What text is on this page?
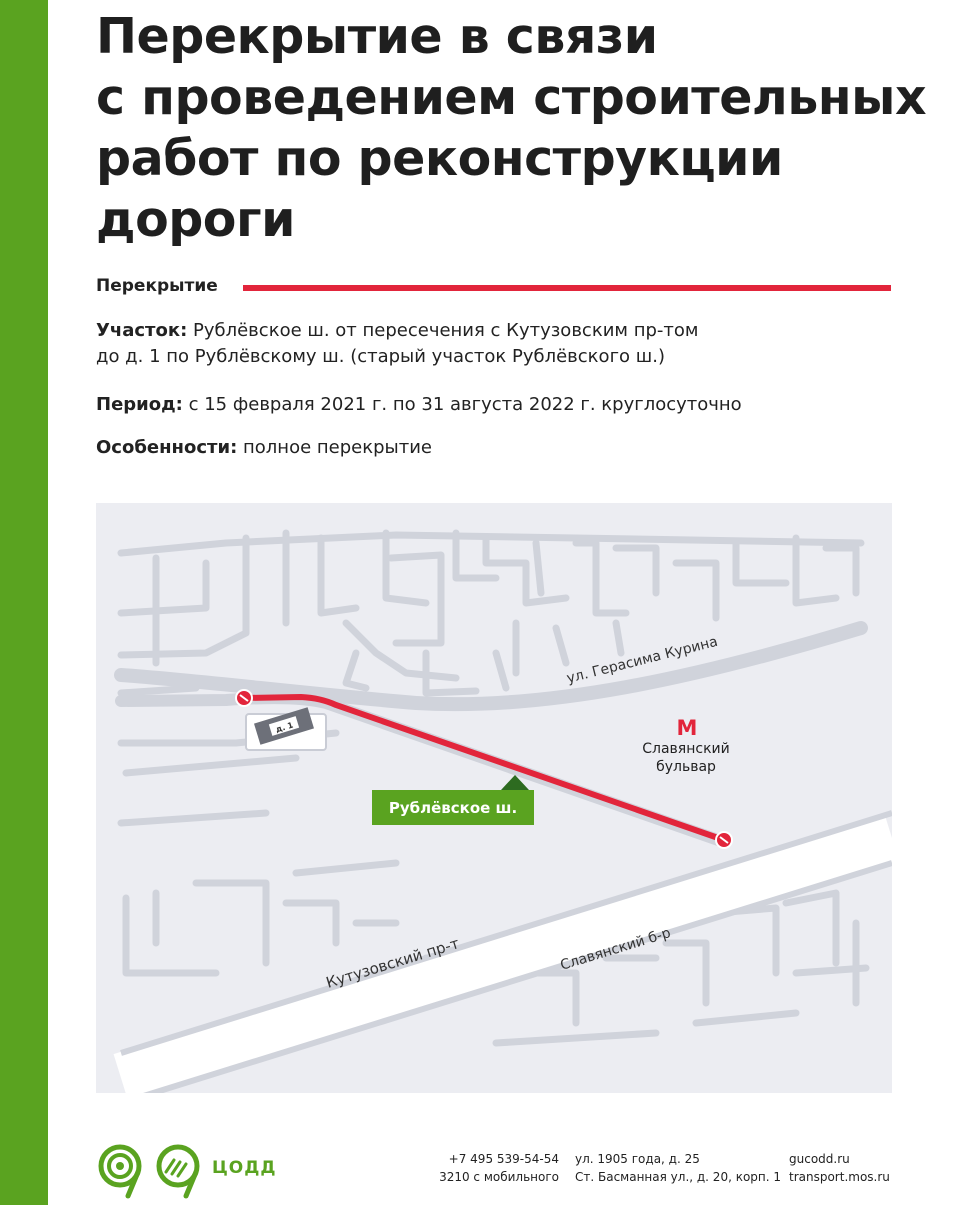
Перекрытие в связи
с проведением строительных
работ по реконструкции
дороги
Перекрытие
Участок: Рублёвское ш. от пересечения с Кутузовским пр-том
до д. 1 по Рублёвскому ш. (старый участок Рублёвского ш.)
Период: с 15 февраля 2021 г. по 31 августа 2022 г. круглосуточно
Особенности: полное перекрытие
д. 1
ул. Герасима Курина
Кутузовский пр-т	Славянский б-р
М
Славянский
бульвар
Рублёвское ш.
ЦОДД	+7 495 539-54-54
3210 с мобильного
ул. 1905 года, д. 25
Ст. Басманная ул., д. 20, корп. 1
gucodd.ru
transport.mos.ru
